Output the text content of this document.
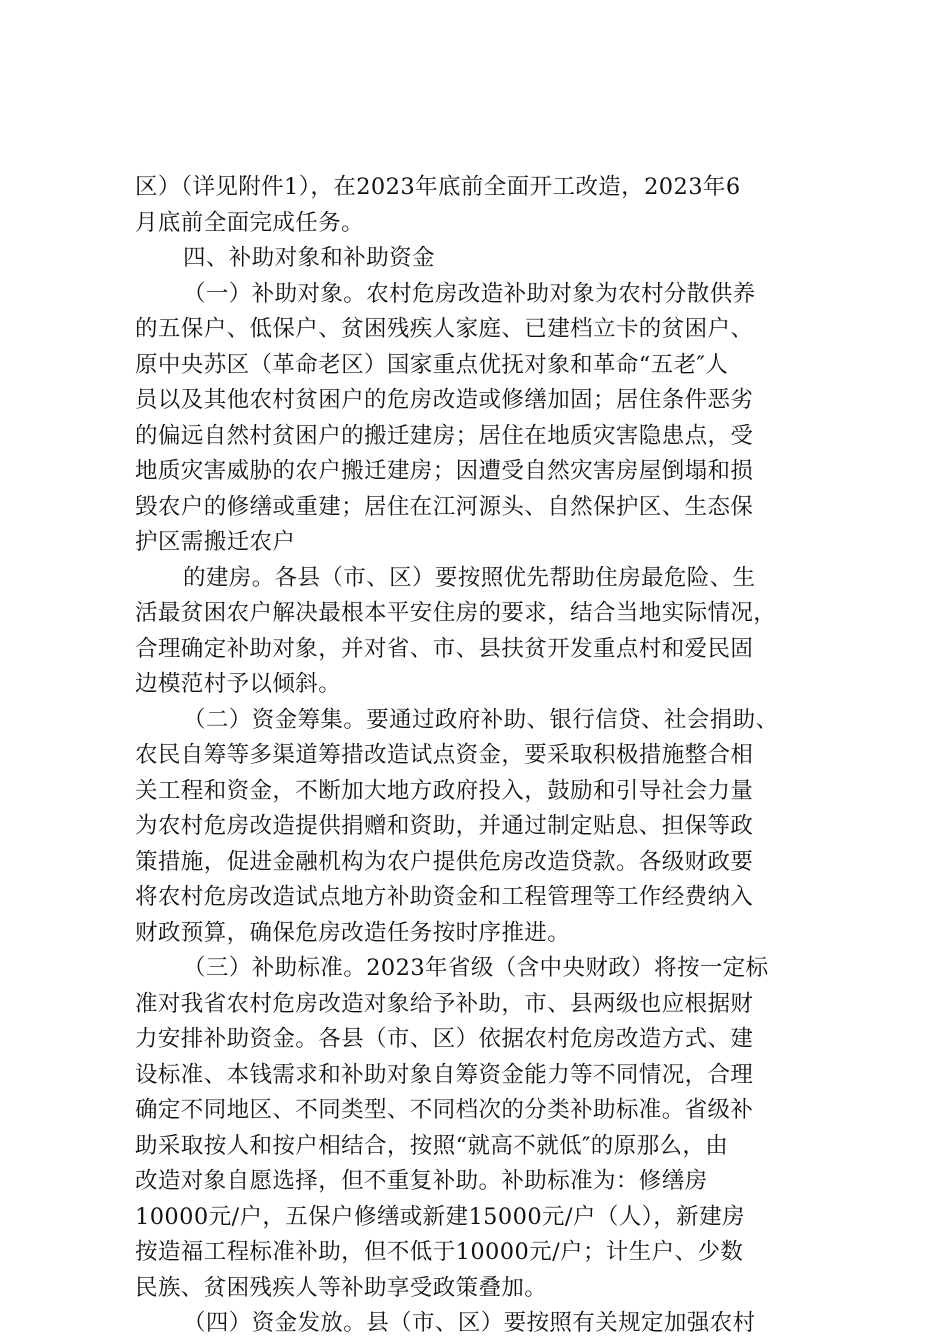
区）（详见附件1），在2023年底前全面开工改造，2023年6
月底前全面完成任务。
四、补助对象和补助资金
（一）补助对象。农村危房改造补助对象为农村分散供养
的五保户、低保户、贫困残疾人家庭、已建档立卡的贫困户、
原中央苏区（革命老区）国家重点优抚对象和革命“五老″人
员以及其他农村贫困户的危房改造或修缮加固；居住条件恶劣
的偏远自然村贫困户的搬迁建房；居住在地质灾害隐患点，受
地质灾害威胁的农户搬迁建房；因遭受自然灾害房屋倒塌和损
毁农户的修缮或重建；居住在江河源头、自然保护区、生态保
护区需搬迁农户
的建房。各县（市、区）要按照优先帮助住房最危险、生
活最贫困农户解决最根本平安住房的要求，结合当地实际情况，
合理确定补助对象，并对省、市、县扶贫开发重点村和爱民固
边模范村予以倾斜。
（二）资金筹集。要通过政府补助、银行信贷、社会捐助、
农民自筹等多渠道筹措改造试点资金，要采取积极措施整合相
关工程和资金，不断加大地方政府投入，鼓励和引导社会力量
为农村危房改造提供捐赠和资助，并通过制定贴息、担保等政
策措施，促进金融机构为农户提供危房改造贷款。各级财政要
将农村危房改造试点地方补助资金和工程管理等工作经费纳入
财政预算，确保危房改造任务按时序推进。
（三）补助标准。2023年省级（含中央财政）将按一定标
准对我省农村危房改造对象给予补助，市、县两级也应根据财
力安排补助资金。各县（市、区）依据农村危房改造方式、建
设标准、本钱需求和补助对象自筹资金能力等不同情况，合理
确定不同地区、不同类型、不同档次的分类补助标准。省级补
助采取按人和按户相结合，按照“就高不就低″的原那么，由
改造对象自愿选择，但不重复补助。补助标准为：修缮房
10000元/户，五保户修缮或新建15000元/户（人），新建房
按造福工程标准补助，但不低于10000元/户；计生户、少数
民族、贫困残疾人等补助享受政策叠加。
（四）资金发放。县（市、区）要按照有关规定加强农村
